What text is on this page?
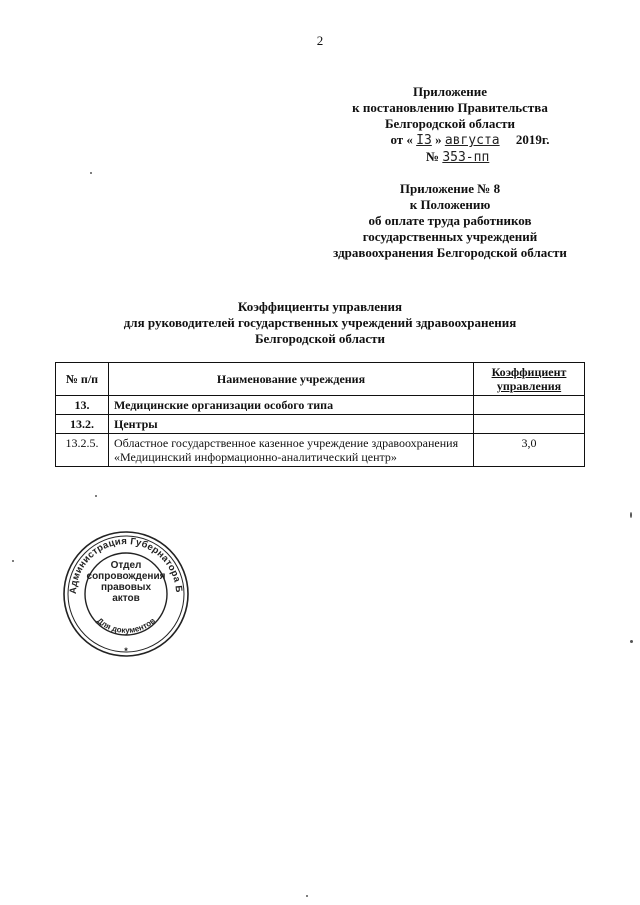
2
Приложение
к постановлению Правительства
Белгородской области
от « I3 » августа 2019г.
№ 353-пп
Приложение № 8
к Положению
об оплате труда работников
государственных учреждений
здравоохранения Белгородской области
Коэффициенты управления
для руководителей государственных учреждений здравоохранения
Белгородской области
№ п/п	Наименование учреждения	Коэффициент управления
13.	Медицинские организации особого типа	
13.2.	Центры	
13.2.5.	Областное государственное казенное учреждение здравоохранения «Медицинский информационно-аналитический центр»	3,0
Администрация Губернатора Б
Для документов
*
Отдел
сопровождения
правовых
актов
